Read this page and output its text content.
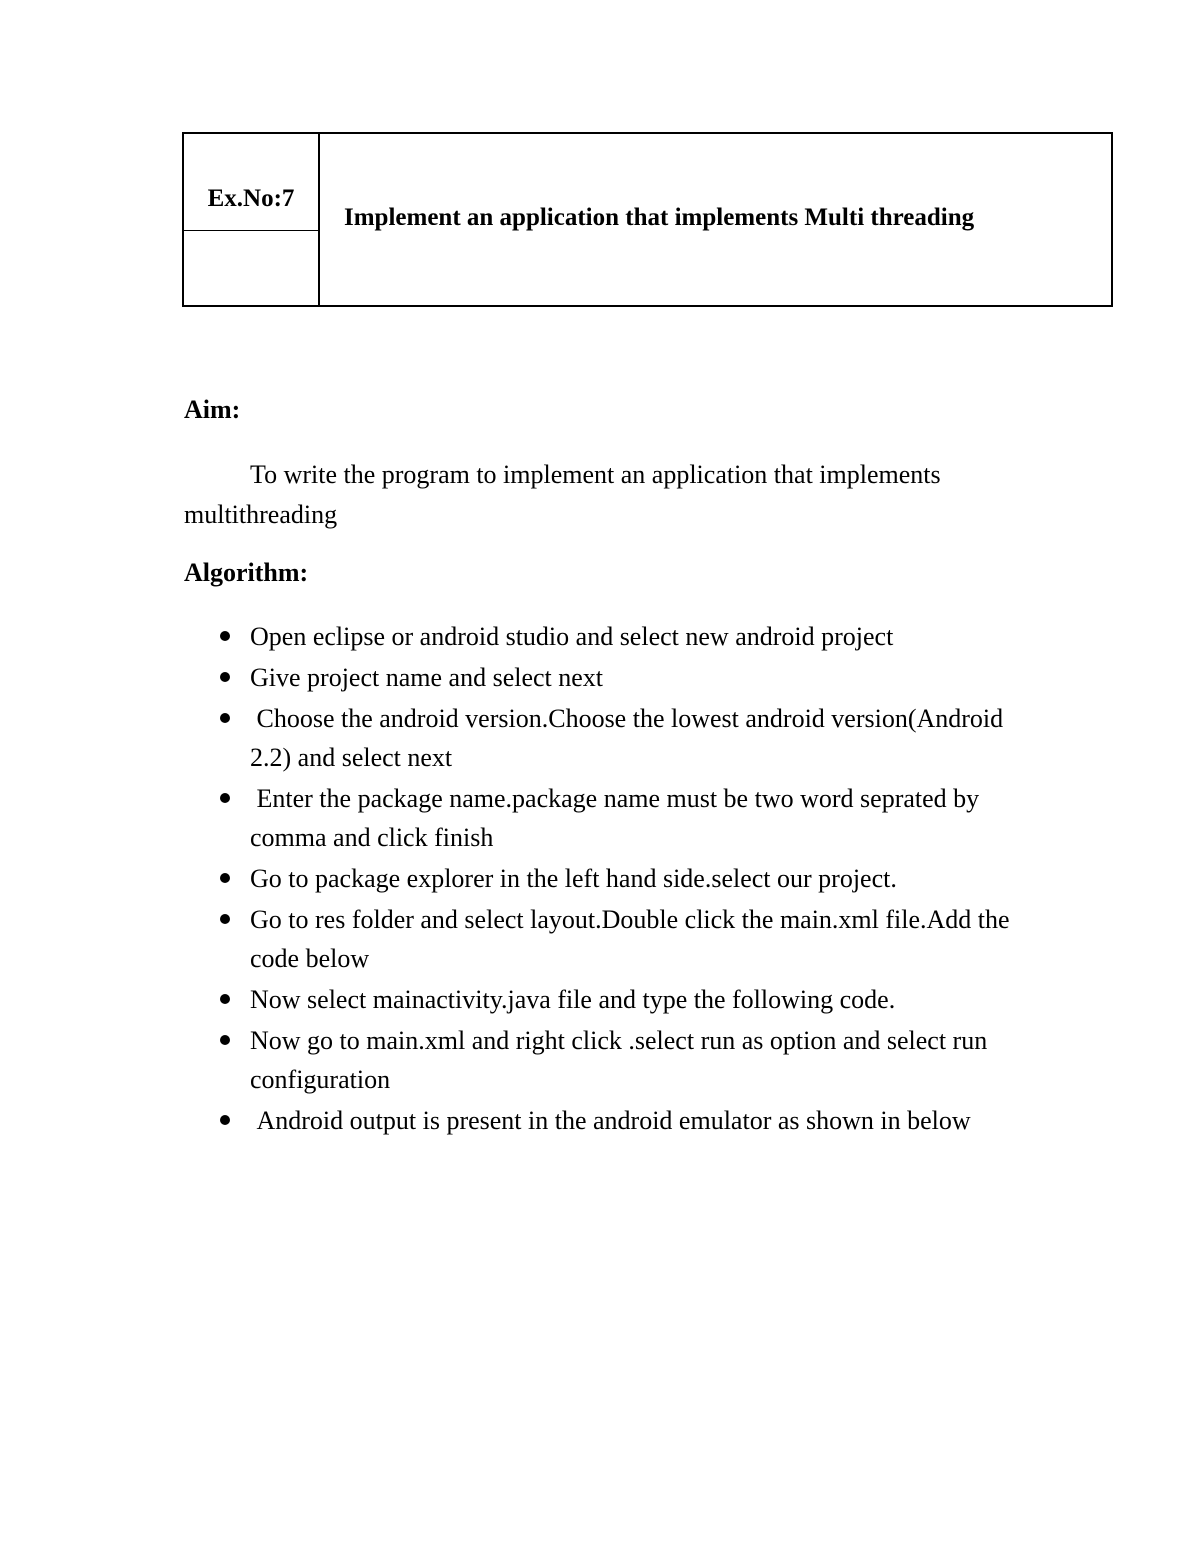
Ex.No:7
Implement an application that implements Multi threading
Aim:
To write the program to implement an application that implements multithreading
Algorithm:
Open eclipse or android studio and select new android project
Give project name and select next
Choose the android version.Choose the lowest android version(Android 2.2) and select next
Enter the package name.package name must be two word seprated by comma and click finish
Go to package explorer in the left hand side.select our project.
Go to res folder and select layout.Double click the main.xml file.Add the code below
Now select mainactivity.java file and type the following code.
Now go to main.xml and right click .select run as option and select run configuration
Android output is present in the android emulator as shown in below
